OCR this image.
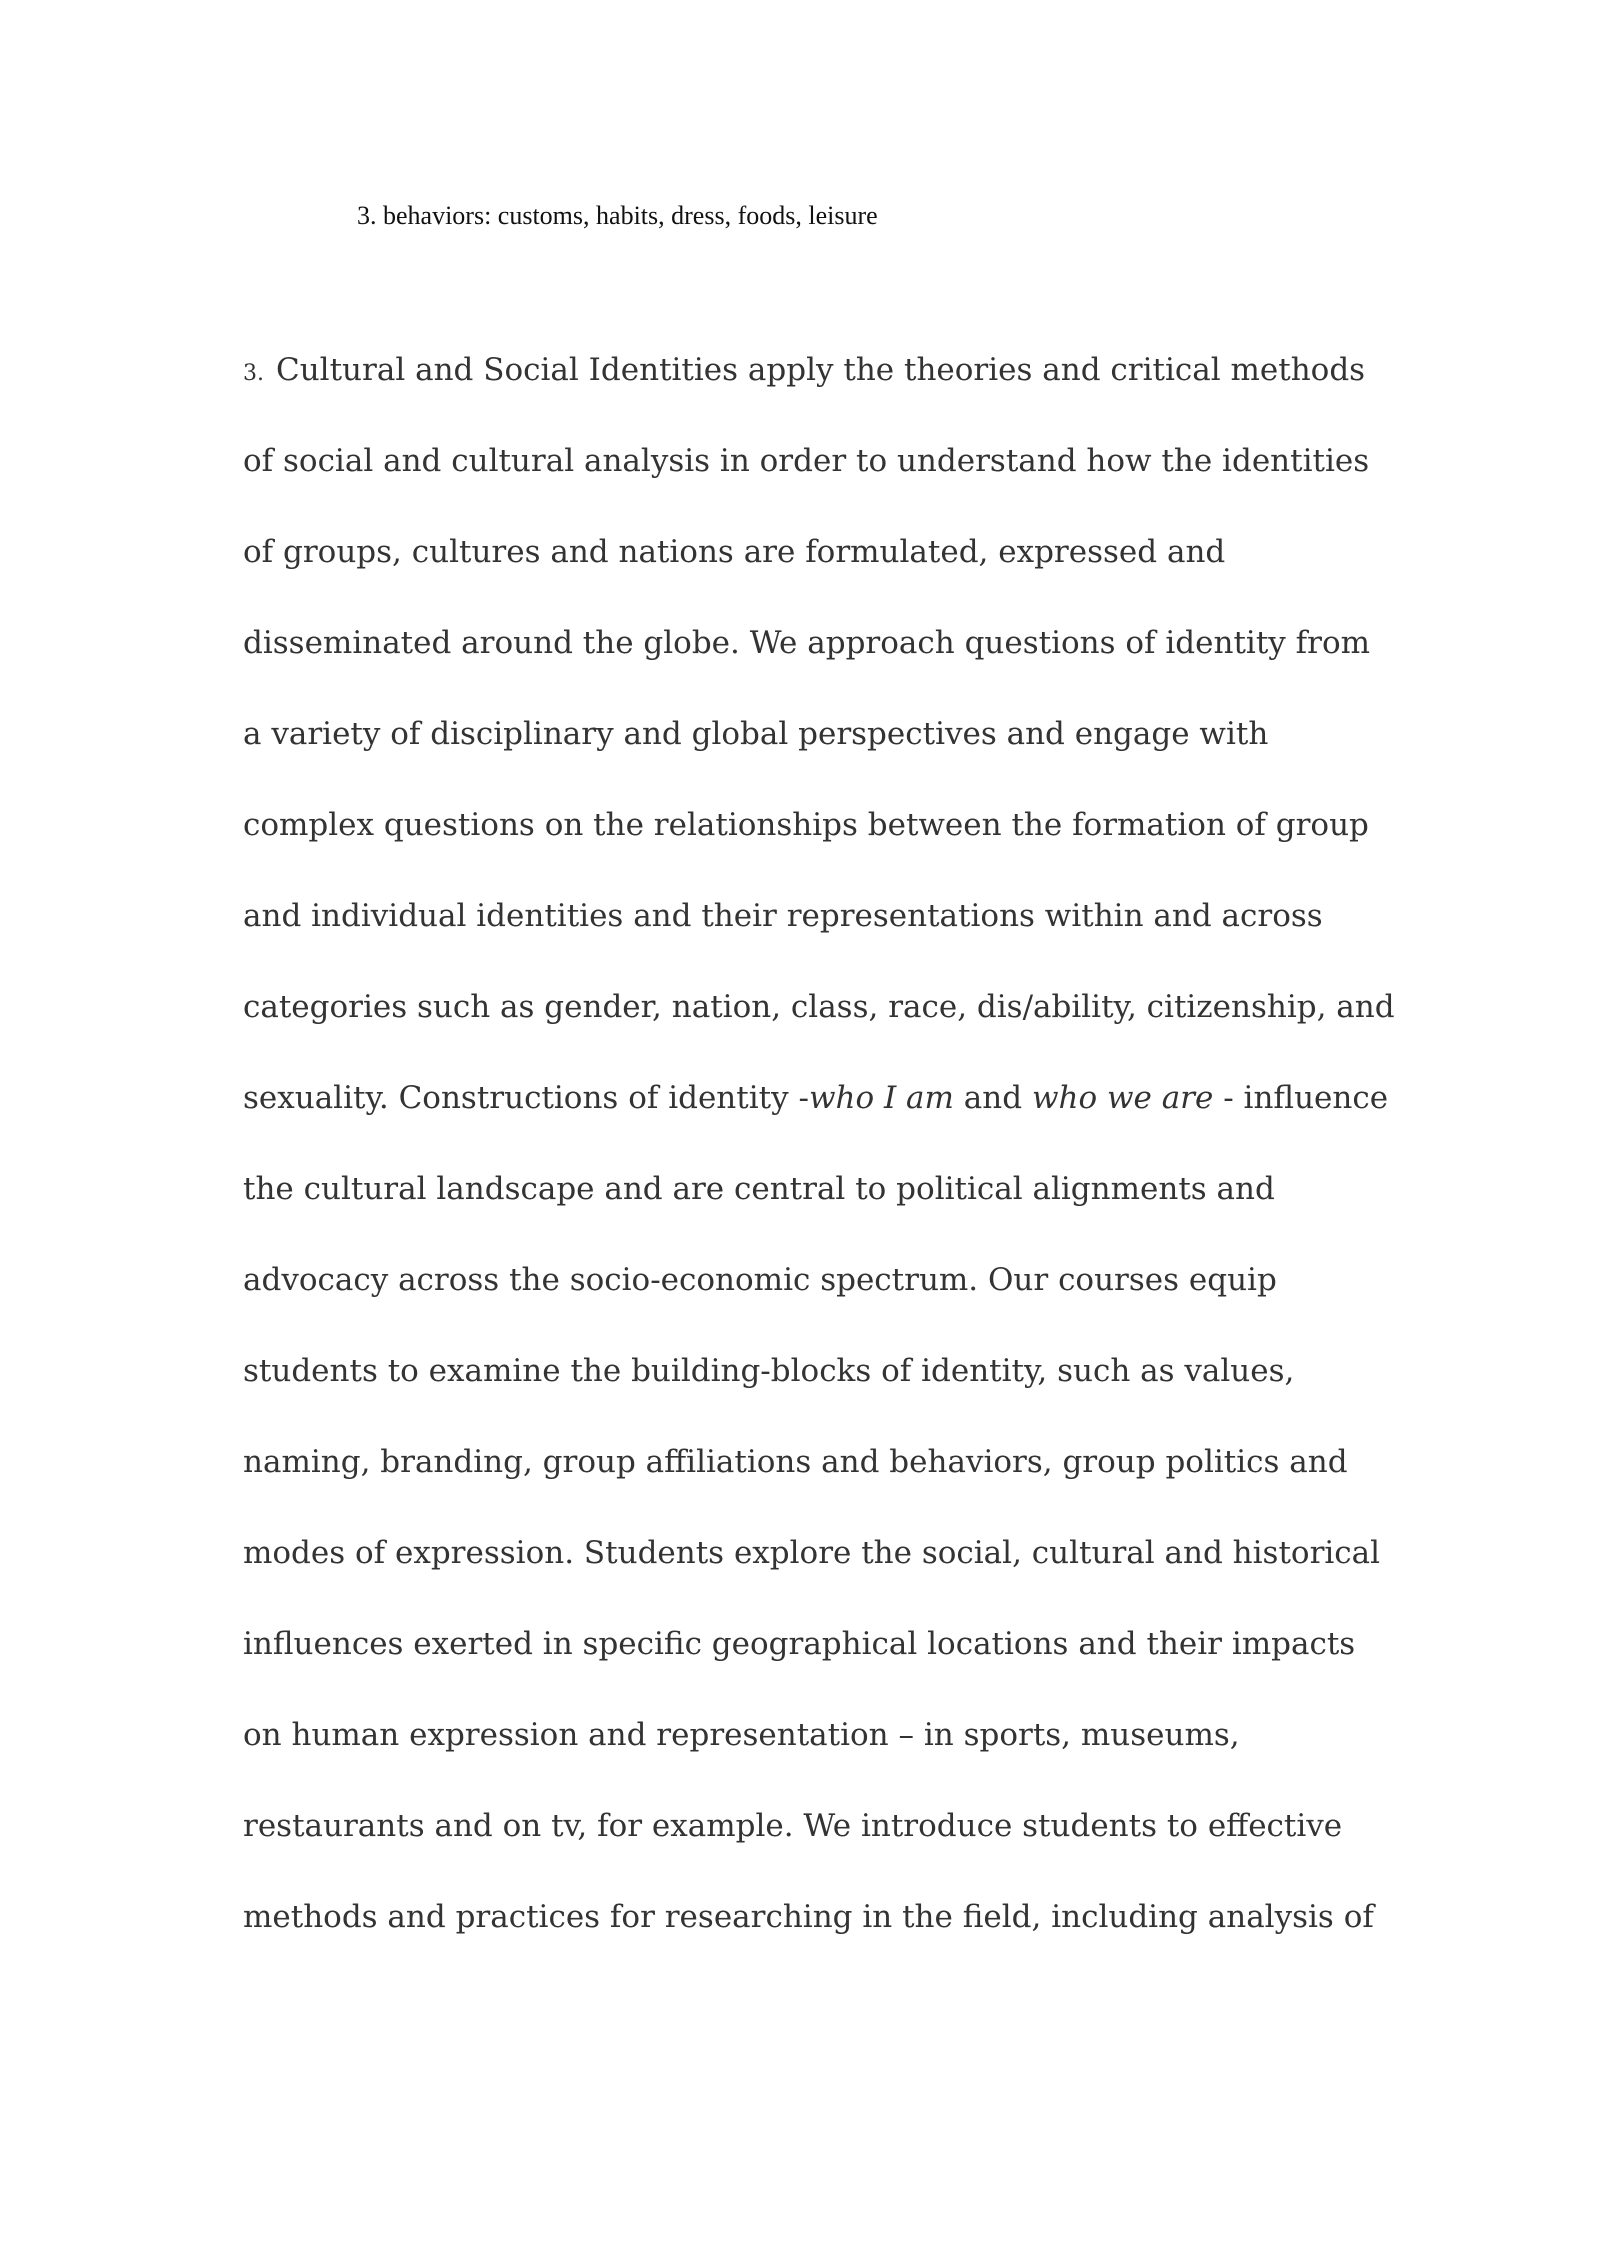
3. behaviors: customs, habits, dress, foods, leisure
3. Cultural and Social Identities apply the theories and critical methods
of social and cultural analysis in order to understand how the identities
of groups, cultures and nations are formulated, expressed and
disseminated around the globe. We approach questions of identity from
a variety of disciplinary and global perspectives and engage with
complex questions on the relationships between the formation of group
and individual identities and their representations within and across
categories such as gender, nation, class, race, dis/ability, citizenship, and
sexuality. Constructions of identity -who I am and who we are - influence
the cultural landscape and are central to political alignments and
advocacy across the socio-economic spectrum. Our courses equip
students to examine the building-blocks of identity, such as values,
naming, branding, group affiliations and behaviors, group politics and
modes of expression. Students explore the social, cultural and historical
influences exerted in specific geographical locations and their impacts
on human expression and representation – in sports, museums,
restaurants and on tv, for example. We introduce students to effective
methods and practices for researching in the field, including analysis of
